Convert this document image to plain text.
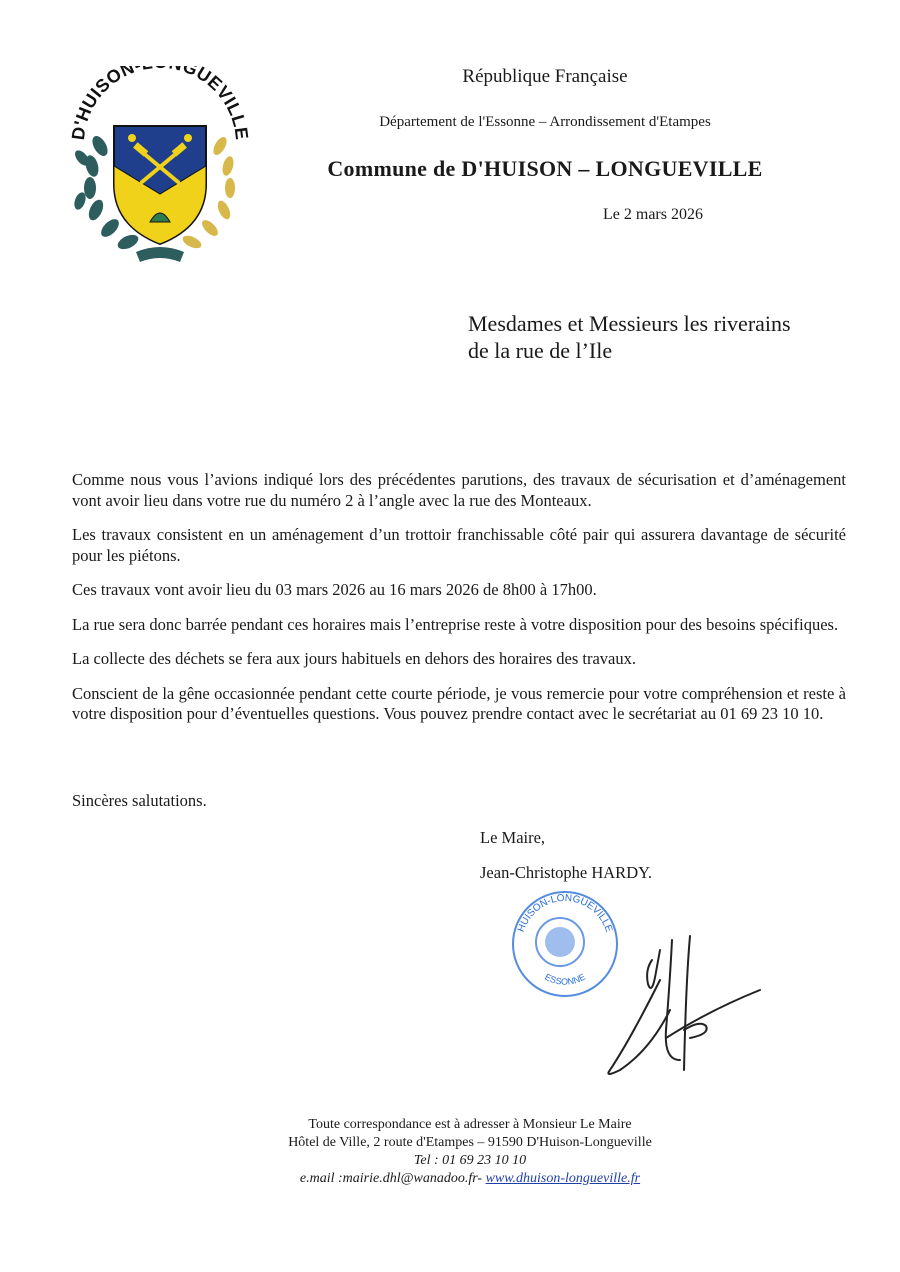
D'HUISON GUEVILLE
République Française
Département de l'Essonne – Arrondissement d'Etampes
Commune de D'HUISON – LONGUEVILLE
Le 2 mars 2026
Mesdames et Messieurs les riverains
de la rue de l’Ile

Comme nous vous l’avions indiqué lors des précédentes parutions, des travaux de sécurisation et d’aménagement vont avoir lieu dans votre rue du numéro 2 à l’angle avec la rue des Monteaux.

Les travaux consistent en un aménagement d’un trottoir franchissable côté pair qui assurera davantage de sécurité pour les piétons.

Ces travaux vont avoir lieu du 03 mars 2026 au 16 mars 2026 de 8h00 à 17h00.

La rue sera donc barrée pendant ces horaires mais l’entreprise reste à votre disposition pour des besoins spécifiques.

La collecte des déchets se fera aux jours habituels en dehors des horaires des travaux.

Conscient de la gêne occasionnée pendant cette courte période, je vous remercie pour votre compréhension et reste à votre disposition pour d’éventuelles questions. Vous pouvez prendre contact avec le secrétariat au 01 69 23 10 10.

Sincères salutations.
Le Maire,
Jean-Christophe HARDY.
HUISON-LONGUEVILLE
ESSONNE
Toute correspondance est à adresser à Monsieur Le Maire
Hôtel de Ville, 2 route d'Etampes – 91590 D'Huison-Longueville
Tel : 01 69 23 10 10
e.mail :mairie.dhl@wanadoo.fr- www.dhuison-longueville.fr
